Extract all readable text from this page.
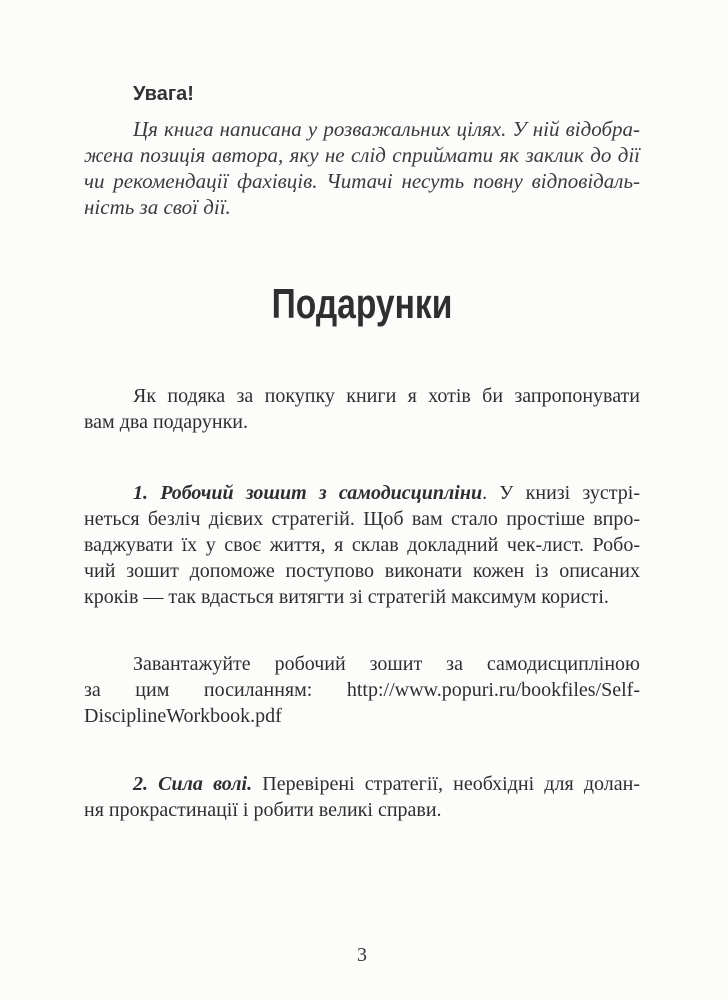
Увага!
Ця книга написана у розважальних цілях. У ній відобра-
жена позиція автора, яку не слід сприймати як заклик до дії
чи рекомендації фахівців. Читачі несуть повну відповідаль-
ність за свої дії.
Подарунки
Як подяка за покупку книги я хотів би запропонувати
вам два подарунки.
1. Робочий зошит з самодисципліни. У книзі зустрі-
неться безліч дієвих стратегій. Щоб вам стало простіше впро-
ваджувати їх у своє життя, я склав докладний чек-лист. Робо-
чий зошит допоможе поступово виконати кожен із описаних
кроків — так вдасться витягти зі стратегій максимум користі.
Завантажуйте робочий зошит за самодисципліною
за цим посиланням: http://www.popuri.ru/bookfiles/Self-
DisciplineWorkbook.pdf
2. Сила волі. Перевірені стратегії, необхідні для долан-
ня прокрастинації і робити великі справи.
3
